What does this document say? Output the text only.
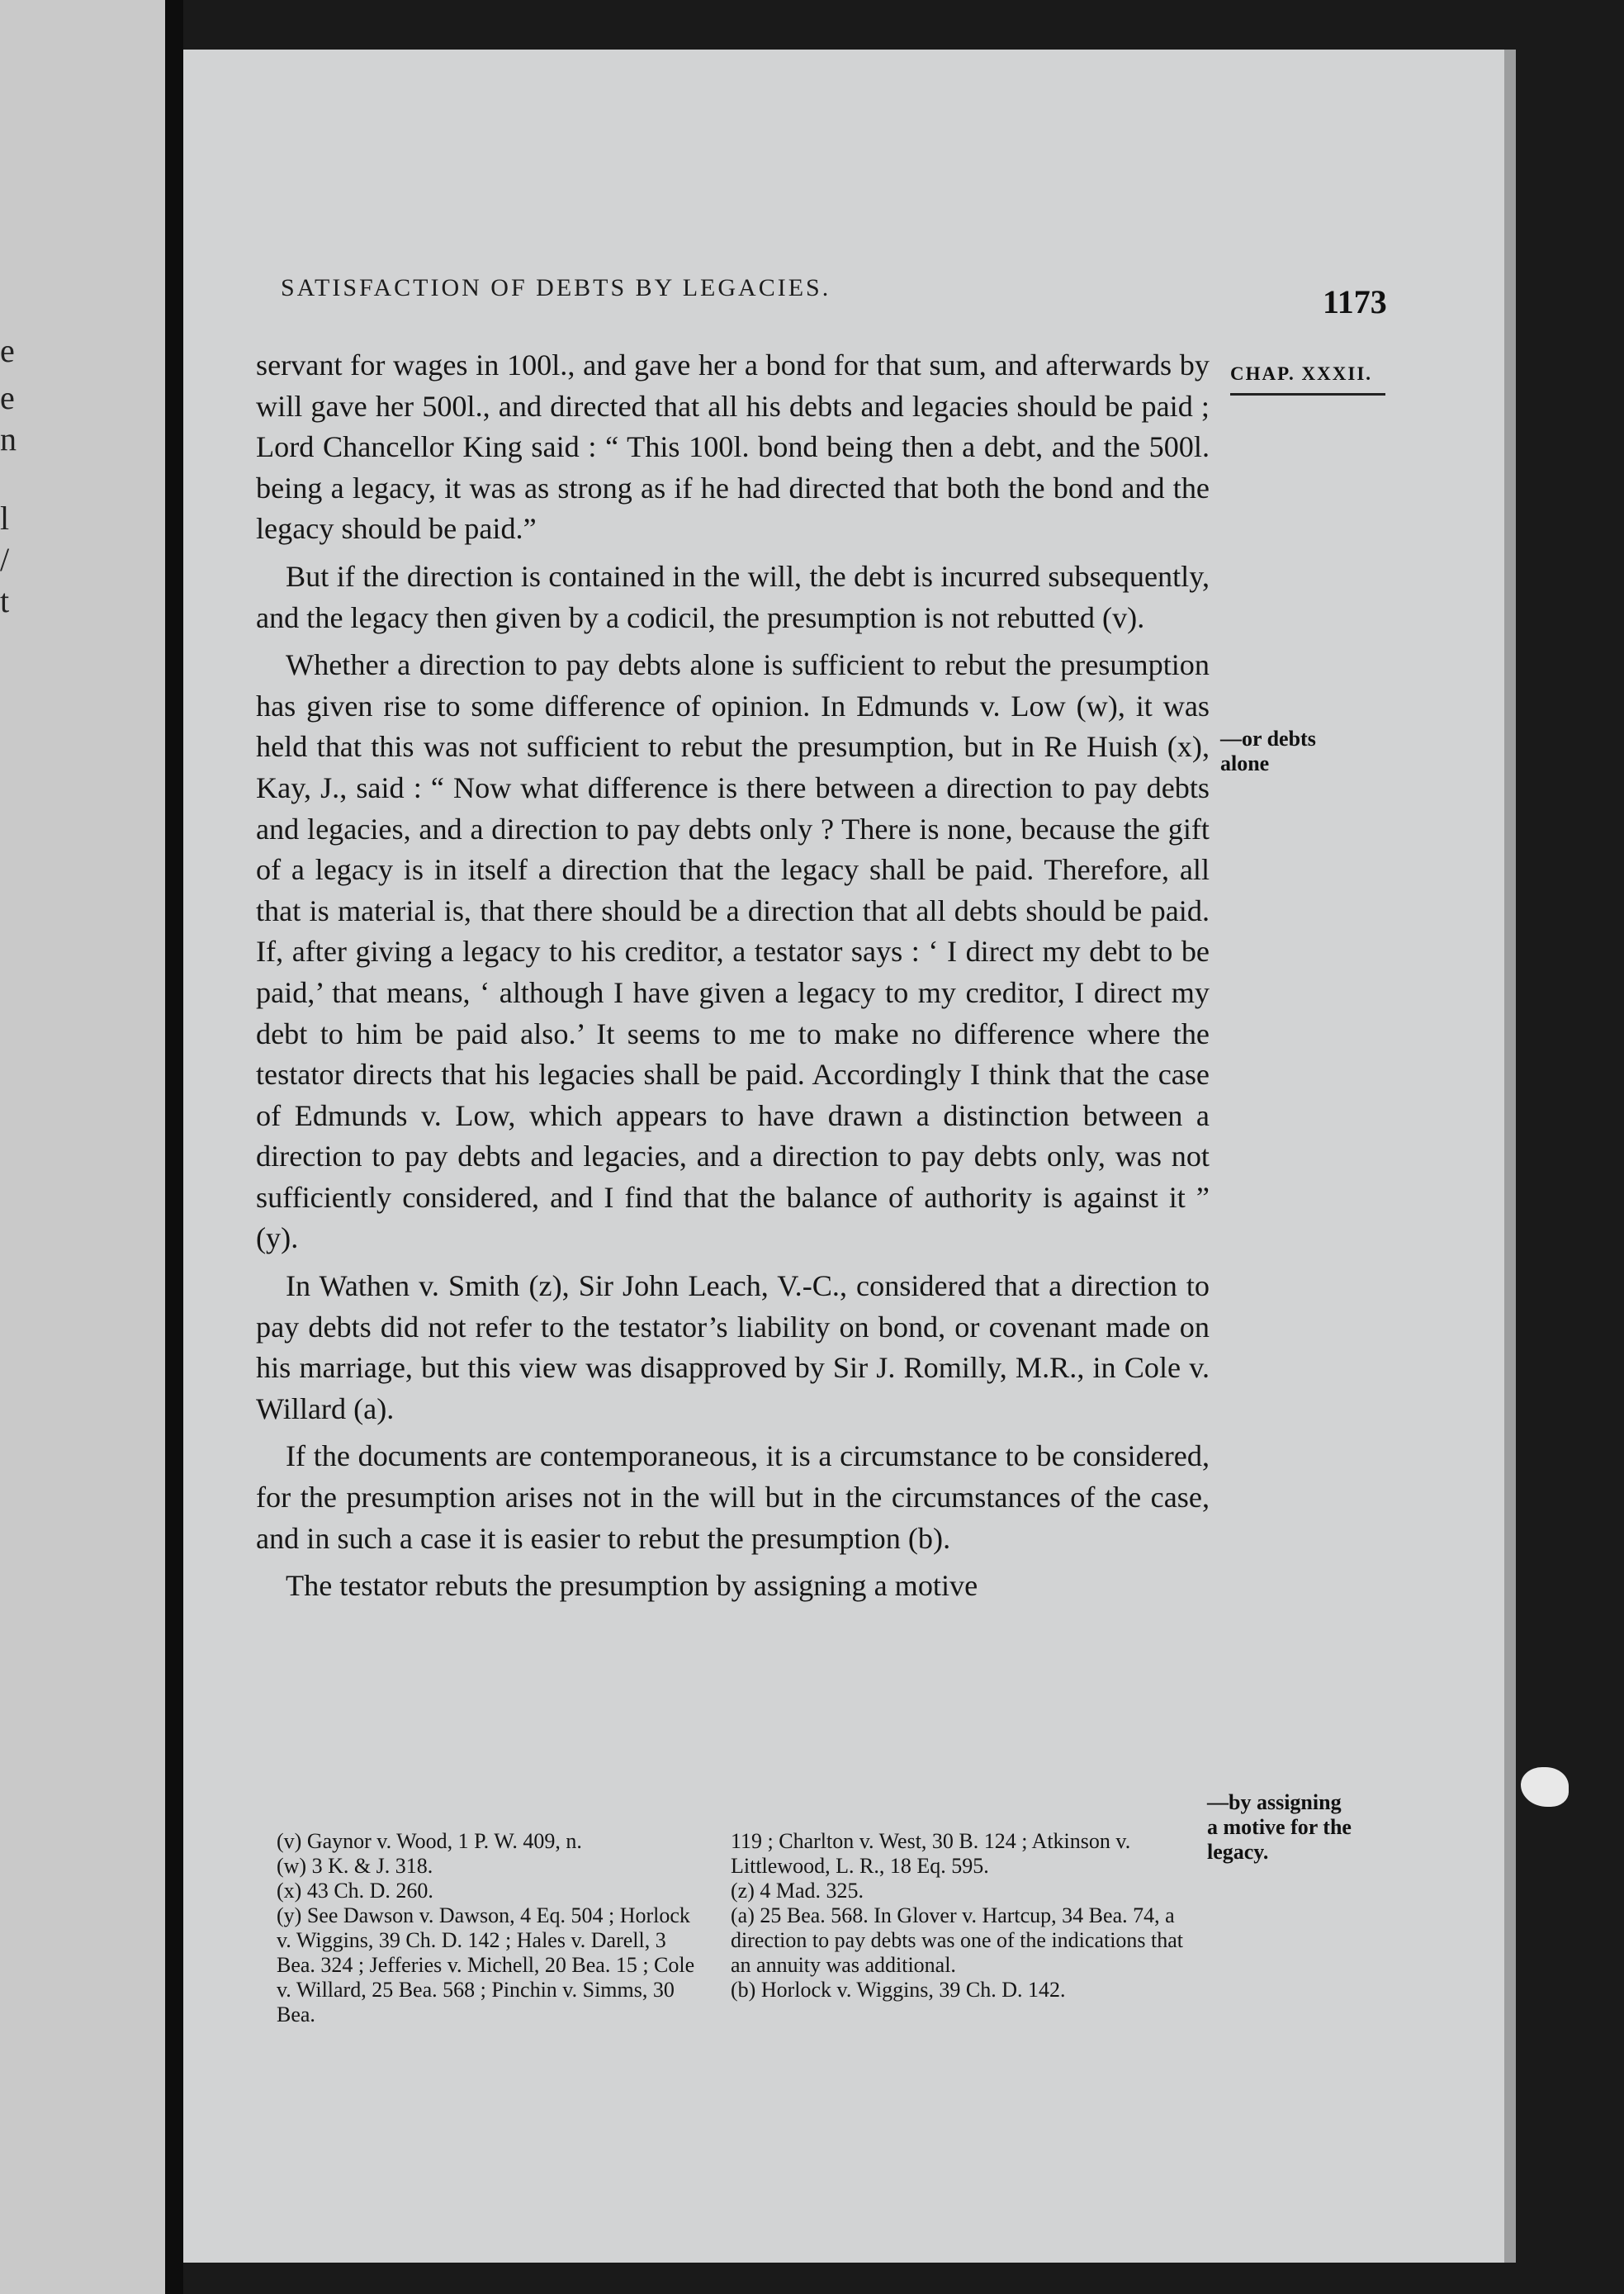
e
e
n
l
/
t
SATISFACTION OF DEBTS BY LEGACIES.	1173
CHAP. XXXII.

servant for wages in 100l., and gave her a bond for that sum, and afterwards by will gave her 500l., and directed that all his debts and legacies should be paid ; Lord Chancellor King said : “ This 100l. bond being then a debt, and the 500l. being a legacy, it was as strong as if he had directed that both the bond and the legacy should be paid.”

But if the direction is contained in the will, the debt is incurred subsequently, and the legacy then given by a codicil, the presumption is not rebutted (v).

Whether a direction to pay debts alone is sufficient to rebut the presumption has given rise to some difference of opinion. In Edmunds v. Low (w), it was held that this was not sufficient to rebut the presumption, but in Re Huish (x), Kay, J., said : “ Now what difference is there between a direction to pay debts and legacies, and a direction to pay debts only ? There is none, because the gift of a legacy is in itself a direction that the legacy shall be paid. Therefore, all that is material is, that there should be a direction that all debts should be paid. If, after giving a legacy to his creditor, a testator says : ‘ I direct my debt to be paid,’ that means, ‘ although I have given a legacy to my creditor, I direct my debt to him be paid also.’ It seems to me to make no difference where the testator directs that his legacies shall be paid. Accordingly I think that the case of Edmunds v. Low, which appears to have drawn a distinction between a direction to pay debts and legacies, and a direction to pay debts only, was not sufficiently considered, and I find that the balance of authority is against it ” (y).

In Wathen v. Smith (z), Sir John Leach, V.-C., considered that a direction to pay debts did not refer to the testator’s liability on bond, or covenant made on his marriage, but this view was disapproved by Sir J. Romilly, M.R., in Cole v. Willard (a).

If the documents are contemporaneous, it is a circumstance to be considered, for the presumption arises not in the will but in the circumstances of the case, and in such a case it is easier to rebut the presumption (b).

The testator rebuts the presumption by assigning a motive

—or debts alone
—by assigning a motive for the legacy.
(v) Gaynor v. Wood, 1 P. W. 409, n.
(w) 3 K. & J. 318.
(x) 43 Ch. D. 260.
(y) See Dawson v. Dawson, 4 Eq. 504 ; Horlock v. Wiggins, 39 Ch. D. 142 ; Hales v. Darell, 3 Bea. 324 ; Jefferies v. Michell, 20 Bea. 15 ; Cole v. Willard, 25 Bea. 568 ; Pinchin v. Simms, 30 Bea.
119 ; Charlton v. West, 30 B. 124 ; Atkinson v. Littlewood, L. R., 18 Eq. 595.
(z) 4 Mad. 325.
(a) 25 Bea. 568. In Glover v. Hartcup, 34 Bea. 74, a direction to pay debts was one of the indications that an annuity was additional.
(b) Horlock v. Wiggins, 39 Ch. D. 142.
